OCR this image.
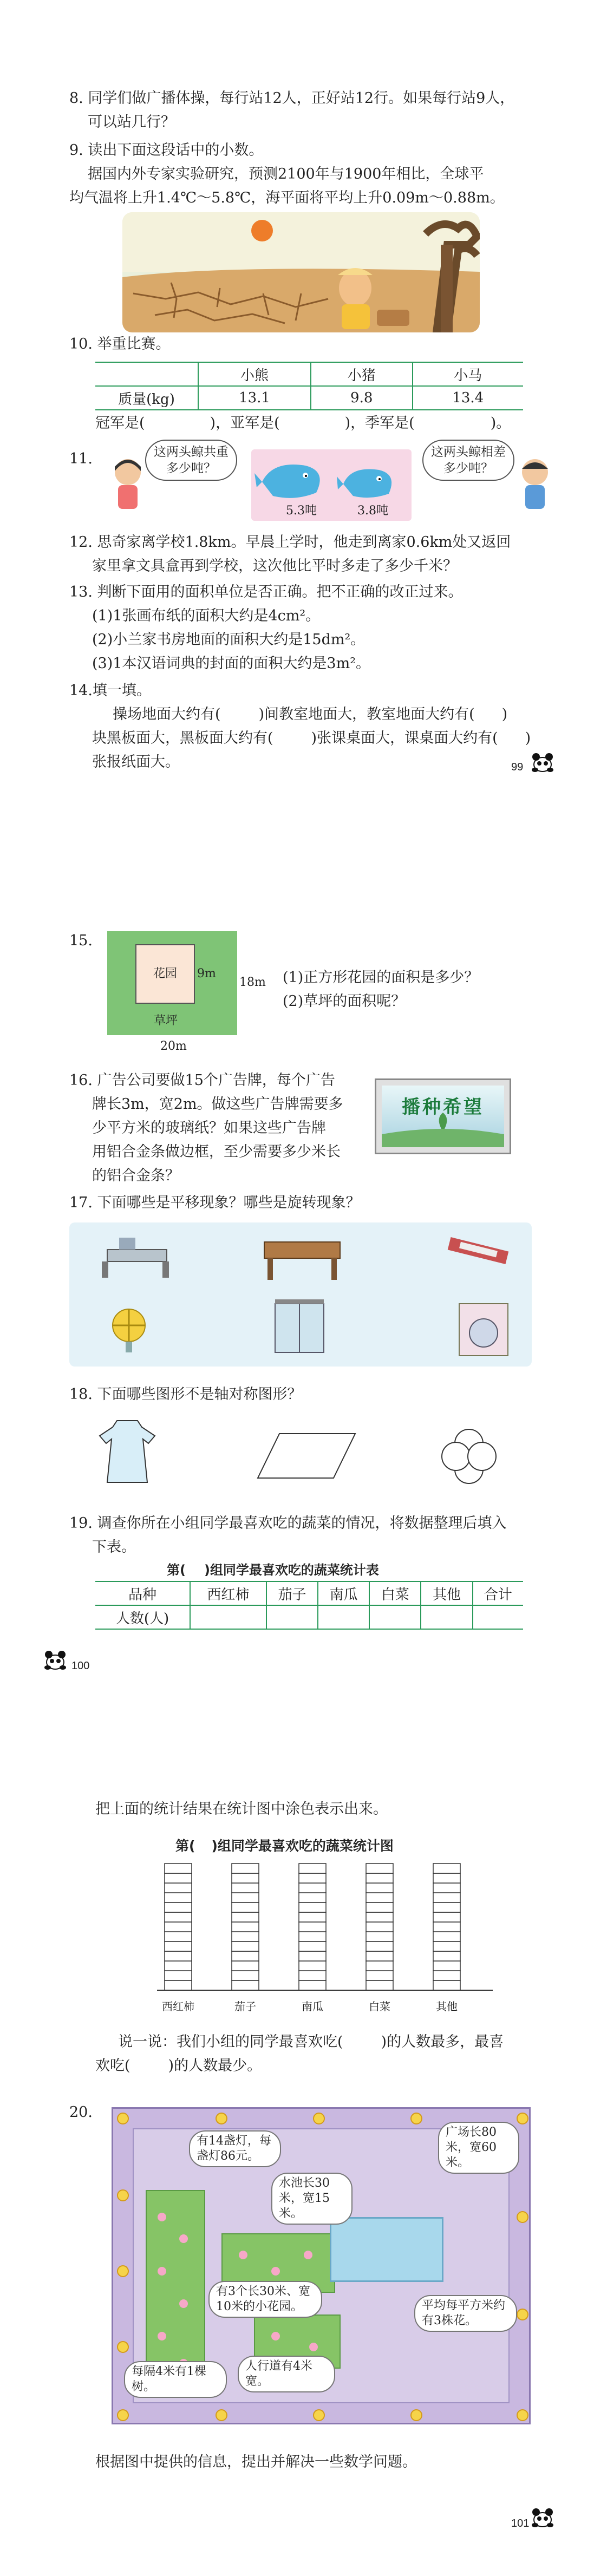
8. 同学们做广播体操，每行站12人，正好站12行。如果每行站9人，
可以站几行？
9. 读出下面这段话中的小数。
据国内外专家实验研究，预测2100年与1900年相比，全球平
均气温将上升1.4℃～5.8℃，海平面将平均上升0.09m～0.88m。
10. 举重比赛。
	小熊	小猪	小马
质量(kg)	13.1	9.8	13.4
冠军是(	)，亚军是(	)，季军是(	)。
11.	这两头鲸共重多少吨？
5.3吨	3.8吨
这两头鲸相差多少吨？
12. 思奇家离学校1.8km。早晨上学时，他走到离家0.6km处又返回
家里拿文具盒再到学校，这次他比平时多走了多少千米？
13. 判断下面用的面积单位是否正确。把不正确的改正过来。
(1)1张画布纸的面积大约是4cm²。
(2)小兰家书房地面的面积大约是15dm²。
(3)1本汉语词典的封面的面积大约是3m²。
14.填一填。
操场地面大约有(	)间教室地面大，教室地面大约有( )
块黑板面大，黑板面大约有(	)张课桌面大，课桌面大约有( )
张报纸面大。	99
15.
花园	9m
18m
草坪
20m
(1)正方形花园的面积是多少？
(2)草坪的面积呢？
16. 广告公司要做15个广告牌，每个广告
牌长3m，宽2m。做这些广告牌需要多
少平方米的玻璃纸？如果这些广告牌
用铝合金条做边框，至少需要多少米长
的铝合金条？
播种希望
17. 下面哪些是平移现象？哪些是旋转现象？
18. 下面哪些图形不是轴对称图形？
19. 调查你所在小组同学最喜欢吃的蔬菜的情况，将数据整理后填入
下表。
第( )组同学最喜欢吃的蔬菜统计表
品种	西红柿	茄子	南瓜	白菜	其他	合计
人数(人)						
100
把上面的统计结果在统计图中涂色表示出来。
第( )组同学最喜欢吃的蔬菜统计图
西红柿	茄子	南瓜	白菜	其他
说一说：我们小组的同学最喜欢吃(	)的人数最多，最喜
欢吃(	)的人数最少。
20.
有14盏灯，每盏灯86元。
广场长80米，宽60米。
水池长30米，宽15米。
有3个长30米、宽10米的小花园。	平均每平方米约有3株花。
每隔4米有1棵树。
人行道有4米宽。
根据图中提供的信息，提出并解决一些数学问题。
101
